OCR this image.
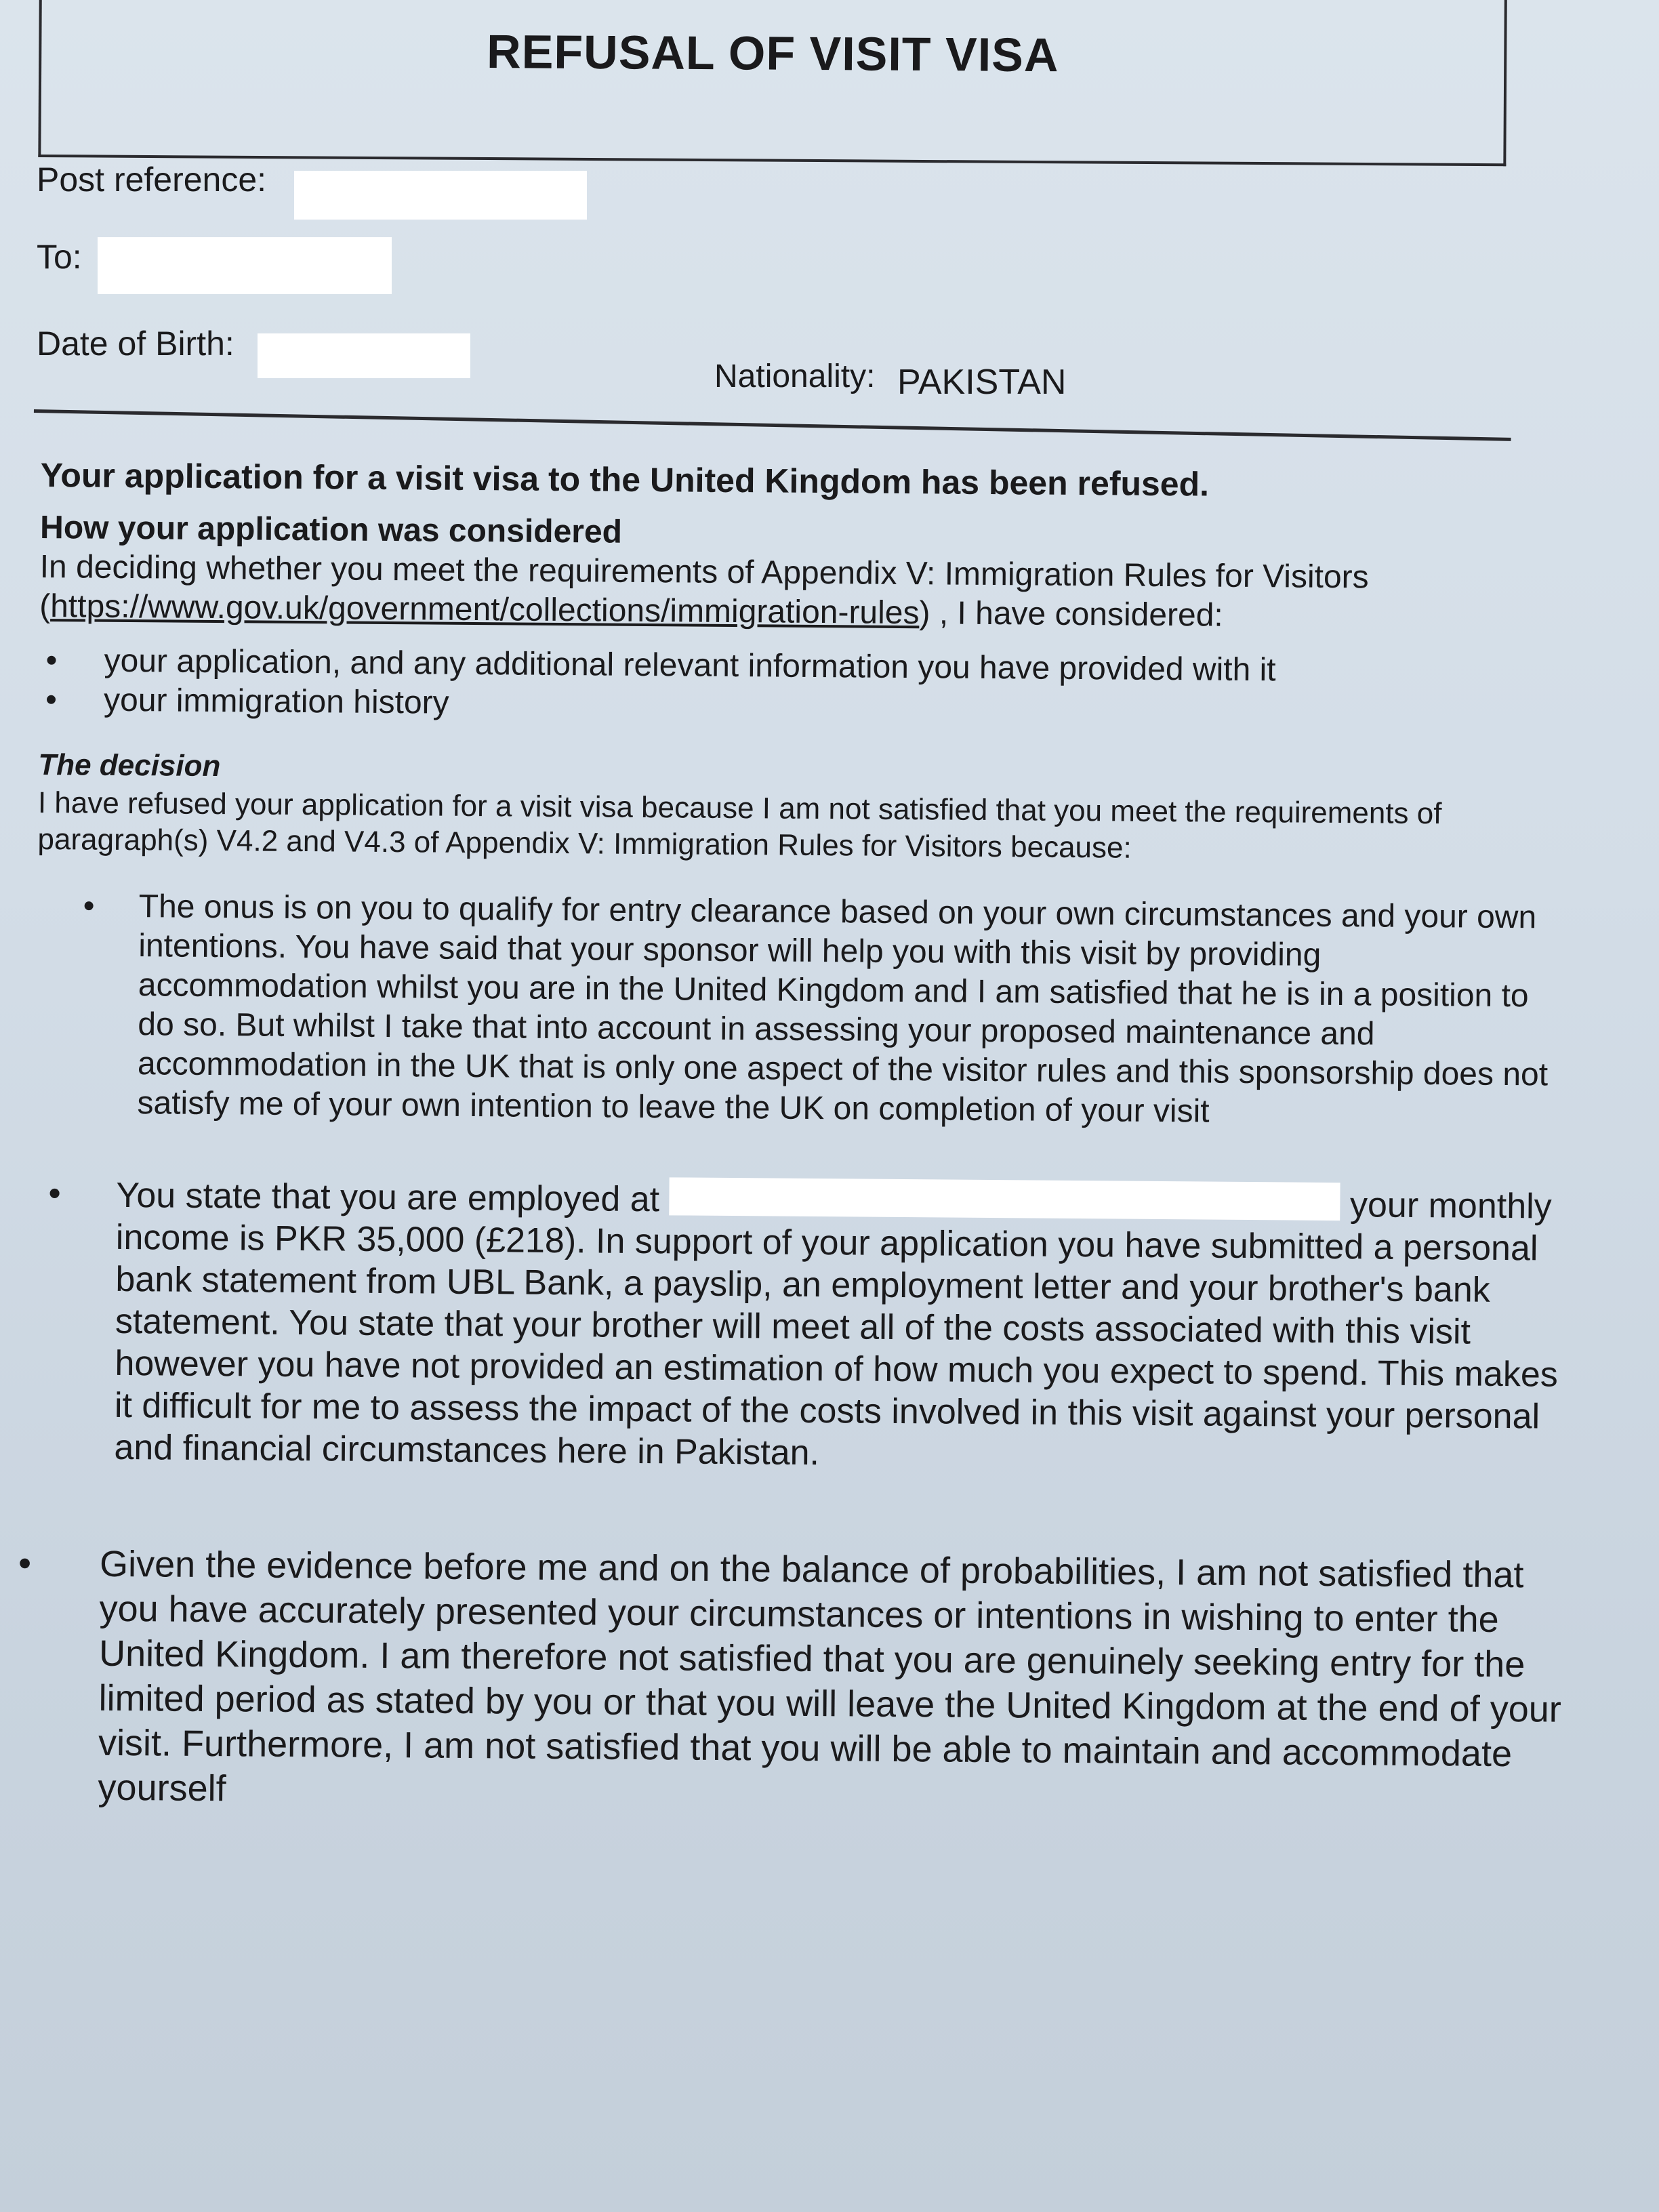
REFUSAL OF VISIT VISA
Post reference:
To:
Date of Birth:
Nationality: PAKISTAN

Your application for a visit visa to the United Kingdom has been refused.

How your application was considered

In deciding whether you meet the requirements of Appendix V: Immigration Rules for Visitors (https://www.gov.uk/government/collections/immigration-rules) , I have considered:

• your application, and any additional relevant information you have provided with it
• your immigration history

The decision

I have refused your application for a visit visa because I am not satisfied that you meet the requirements of paragraph(s) V4.2 and V4.3 of Appendix V: Immigration Rules for Visitors because:

• The onus is on you to qualify for entry clearance based on your own circumstances and your own intentions. You have said that your sponsor will help you with this visit by providing accommodation whilst you are in the United Kingdom and I am satisfied that he is in a position to do so. But whilst I take that into account in assessing your proposed maintenance and accommodation in the UK that is only one aspect of the visitor rules and this sponsorship does not satisfy me of your own intention to leave the UK on completion of your visit
• You state that you are employed at	your monthly income is PKR 35,000 (£218). In support of your application you have submitted a personal bank statement from UBL Bank, a payslip, an employment letter and your brother's bank statement. You state that your brother will meet all of the costs associated with this visit however you have not provided an estimation of how much you expect to spend. This makes it difficult for me to assess the impact of the costs involved in this visit against your personal and financial circumstances here in Pakistan.
• Given the evidence before me and on the balance of probabilities, I am not satisfied that you have accurately presented your circumstances or intentions in wishing to enter the United Kingdom. I am therefore not satisfied that you are genuinely seeking entry for the limited period as stated by you or that you will leave the United Kingdom at the end of your visit. Furthermore, I am not satisfied that you will be able to maintain and accommodate yourself
